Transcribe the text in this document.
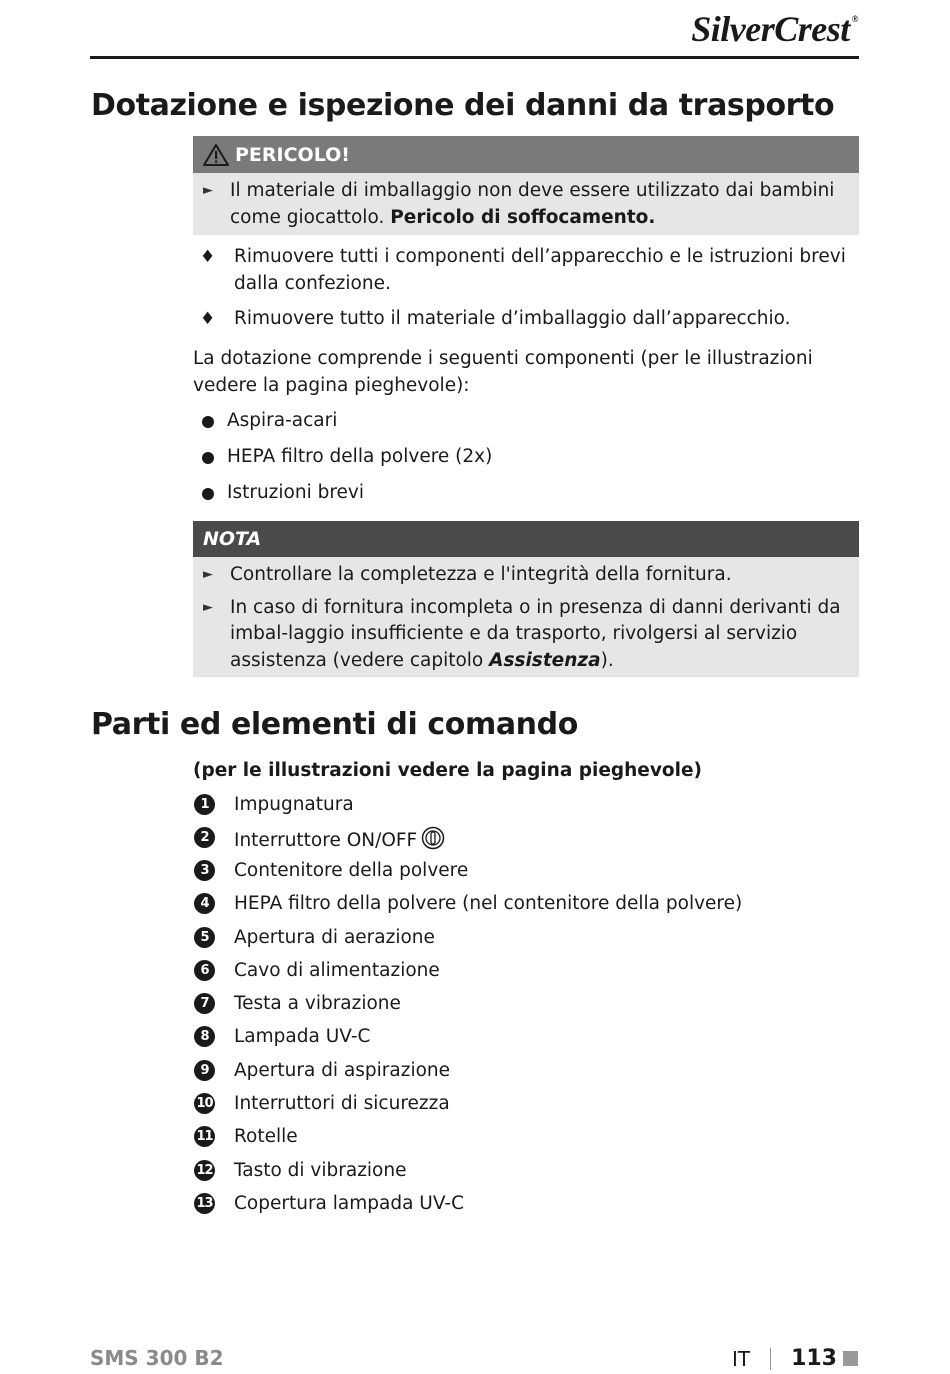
SilverCrest ®
Dotazione e ispezione dei danni da trasporto
PERICOLO!
► Il materiale di imballaggio non deve essere utilizzato dai bambini come giocattolo. Pericolo di soffocamento.
♦ Rimuovere tutti i componenti dell’apparecchio e le istruzioni brevi dalla confezione.
♦ Rimuovere tutto il materiale d’imballaggio dall’apparecchio.

La dotazione comprende i seguenti componenti (per le illustrazioni vedere la pagina pieghevole):

Aspira-acari
HEPA filtro della polvere (2x)
Istruzioni brevi
NOTA
► Controllare la completezza e l'integrità della fornitura.
► In caso di fornitura incompleta o in presenza di danni derivanti da imbal-laggio insufficiente e da trasporto, rivolgersi al servizio assistenza (vedere capitolo Assistenza).
Parti ed elementi di comando

(per le illustrazioni vedere la pagina pieghevole)

1	Impugnatura
2	Interruttore ON/OFF
3	Contenitore della polvere
4	HEPA filtro della polvere (nel contenitore della polvere)
5	Apertura di aerazione
6	Cavo di alimentazione
7	Testa a vibrazione
8	Lampada UV-C
9	Apertura di aspirazione
10 Interruttori di sicurezza
11 Rotelle
12 Tasto di vibrazione
13 Copertura lampada UV-C
SMS 300 B2	IT 113
